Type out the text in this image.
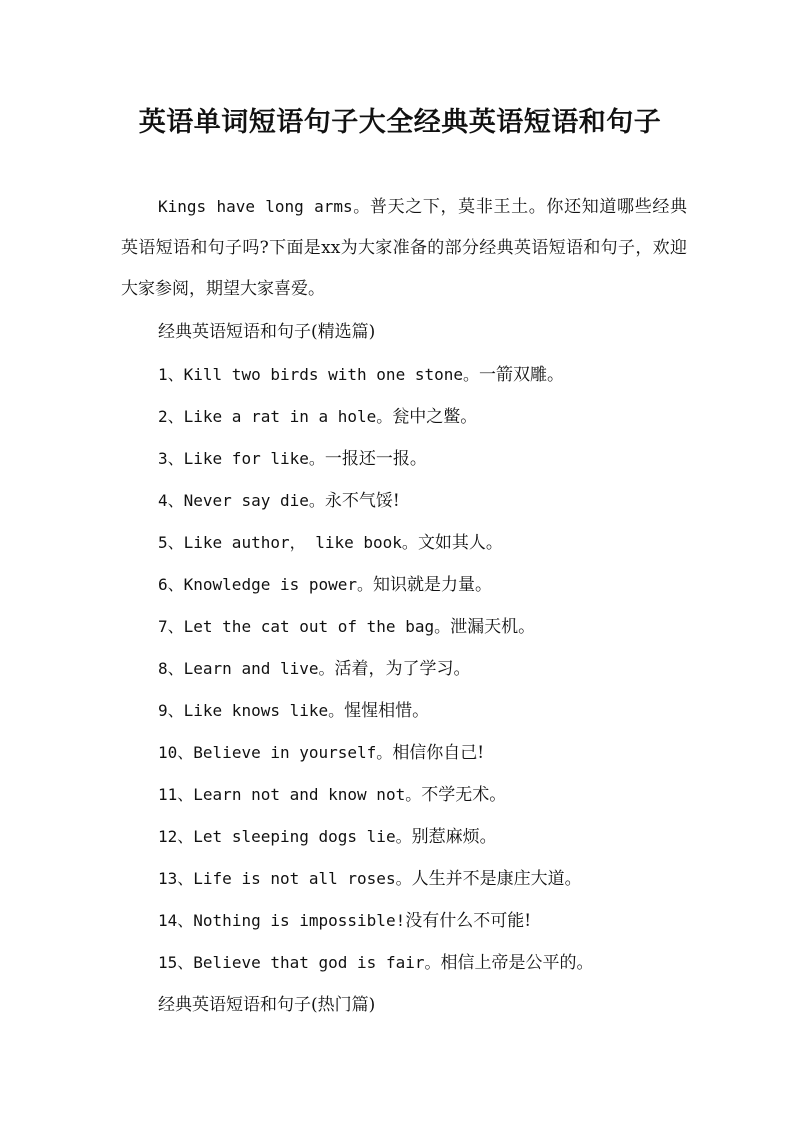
英语单词短语句子大全经典英语短语和句子
Kings have long arms。普天之下，莫非王土。你还知道哪些经典英语短语和句子吗?下面是xx为大家准备的部分经典英语短语和句子，欢迎大家参阅，期望大家喜爱。
经典英语短语和句子(精选篇)
1、Kill two birds with one stone。一箭双雕。
2、Like a rat in a hole。瓮中之鳖。
3、Like for like。一报还一报。
4、Never say die。永不气馁!
5、Like author， like book。文如其人。
6、Knowledge is power。知识就是力量。
7、Let the cat out of the bag。泄漏天机。
8、Learn and live。活着，为了学习。
9、Like knows like。惺惺相惜。
10、Believe in yourself。相信你自己!
11、Learn not and know not。不学无术。
12、Let sleeping dogs lie。别惹麻烦。
13、Life is not all roses。人生并不是康庄大道。
14、Nothing is impossible!没有什么不可能!
15、Believe that god is fair。相信上帝是公平的。
经典英语短语和句子(热门篇)
